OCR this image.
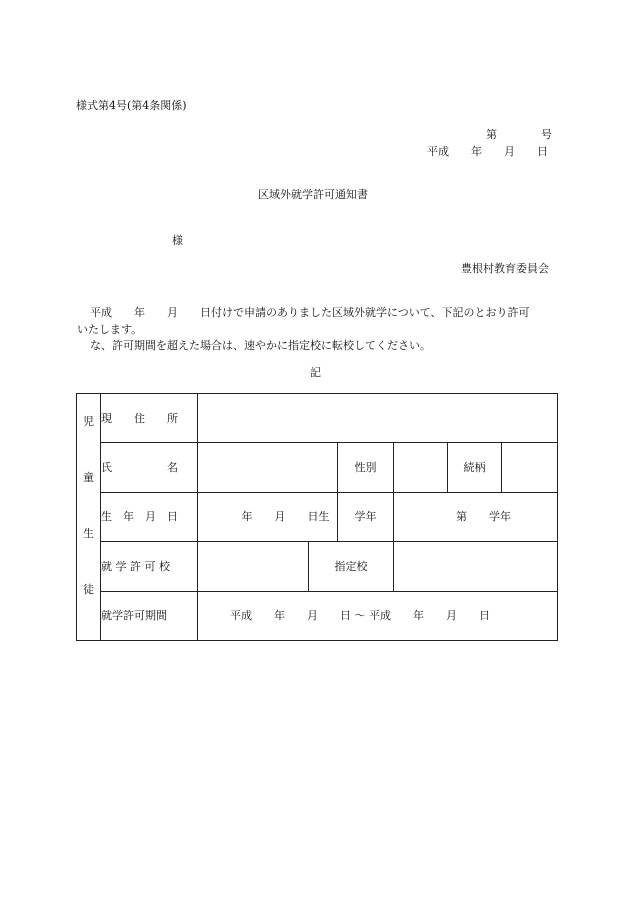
様式第4号(第4条関係)
第　　　　号
平成　　年　　月　　日
区域外就学許可通知書
様
豊根村教育委員会
平成　　年　　月　　日付けで申請のありました区域外就学について、下記のとおり許可
いたします。
な、許可期間を超えた場合は、速やかに指定校に転校してください。
記

児

童

生

徒	現　　住　　所						
	氏　　　　　名			性別		続柄	
	生　年　月　日	年　　月　　日生		学年	第　　学年		
	就 学 許 可 校		指定校				
	就学許可期間	平成　　年　　月　　日 〜 平成　　年　　月　　日					
